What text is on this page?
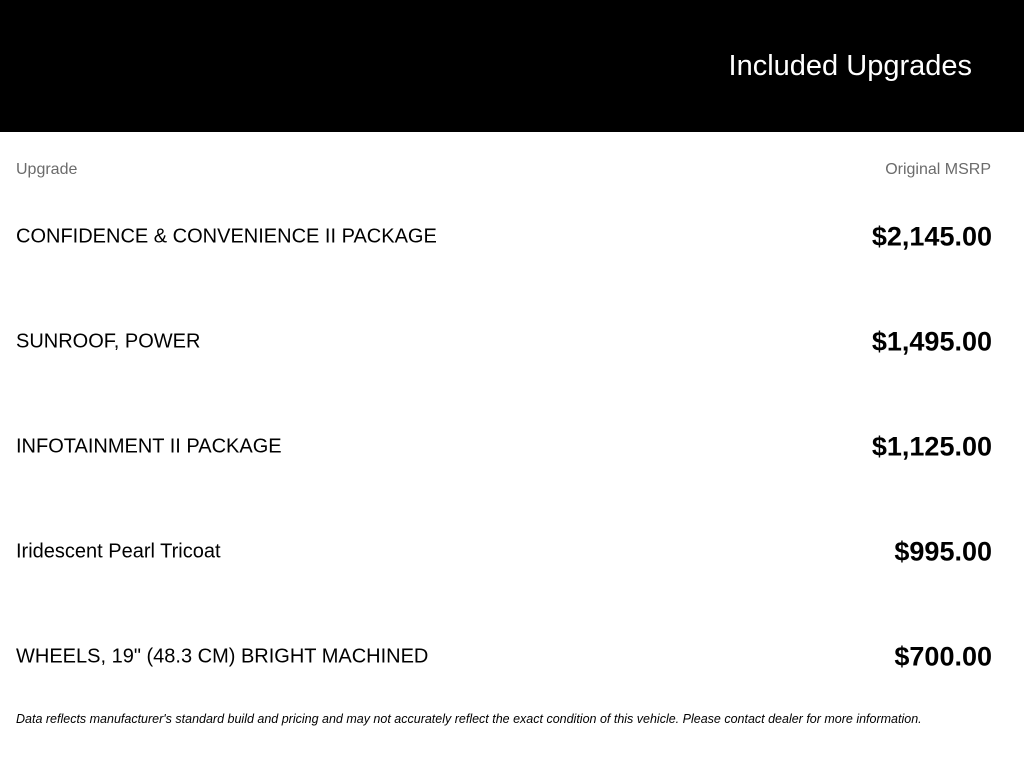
Included Upgrades
Upgrade	Original MSRP
CONFIDENCE & CONVENIENCE II PACKAGE	$2,145.00
SUNROOF, POWER	$1,495.00
INFOTAINMENT II PACKAGE	$1,125.00
Iridescent Pearl Tricoat	$995.00
WHEELS, 19" (48.3 CM) BRIGHT MACHINED	$700.00
Data reflects manufacturer's standard build and pricing and may not accurately reflect the exact condition of this vehicle. Please contact dealer for more information.
